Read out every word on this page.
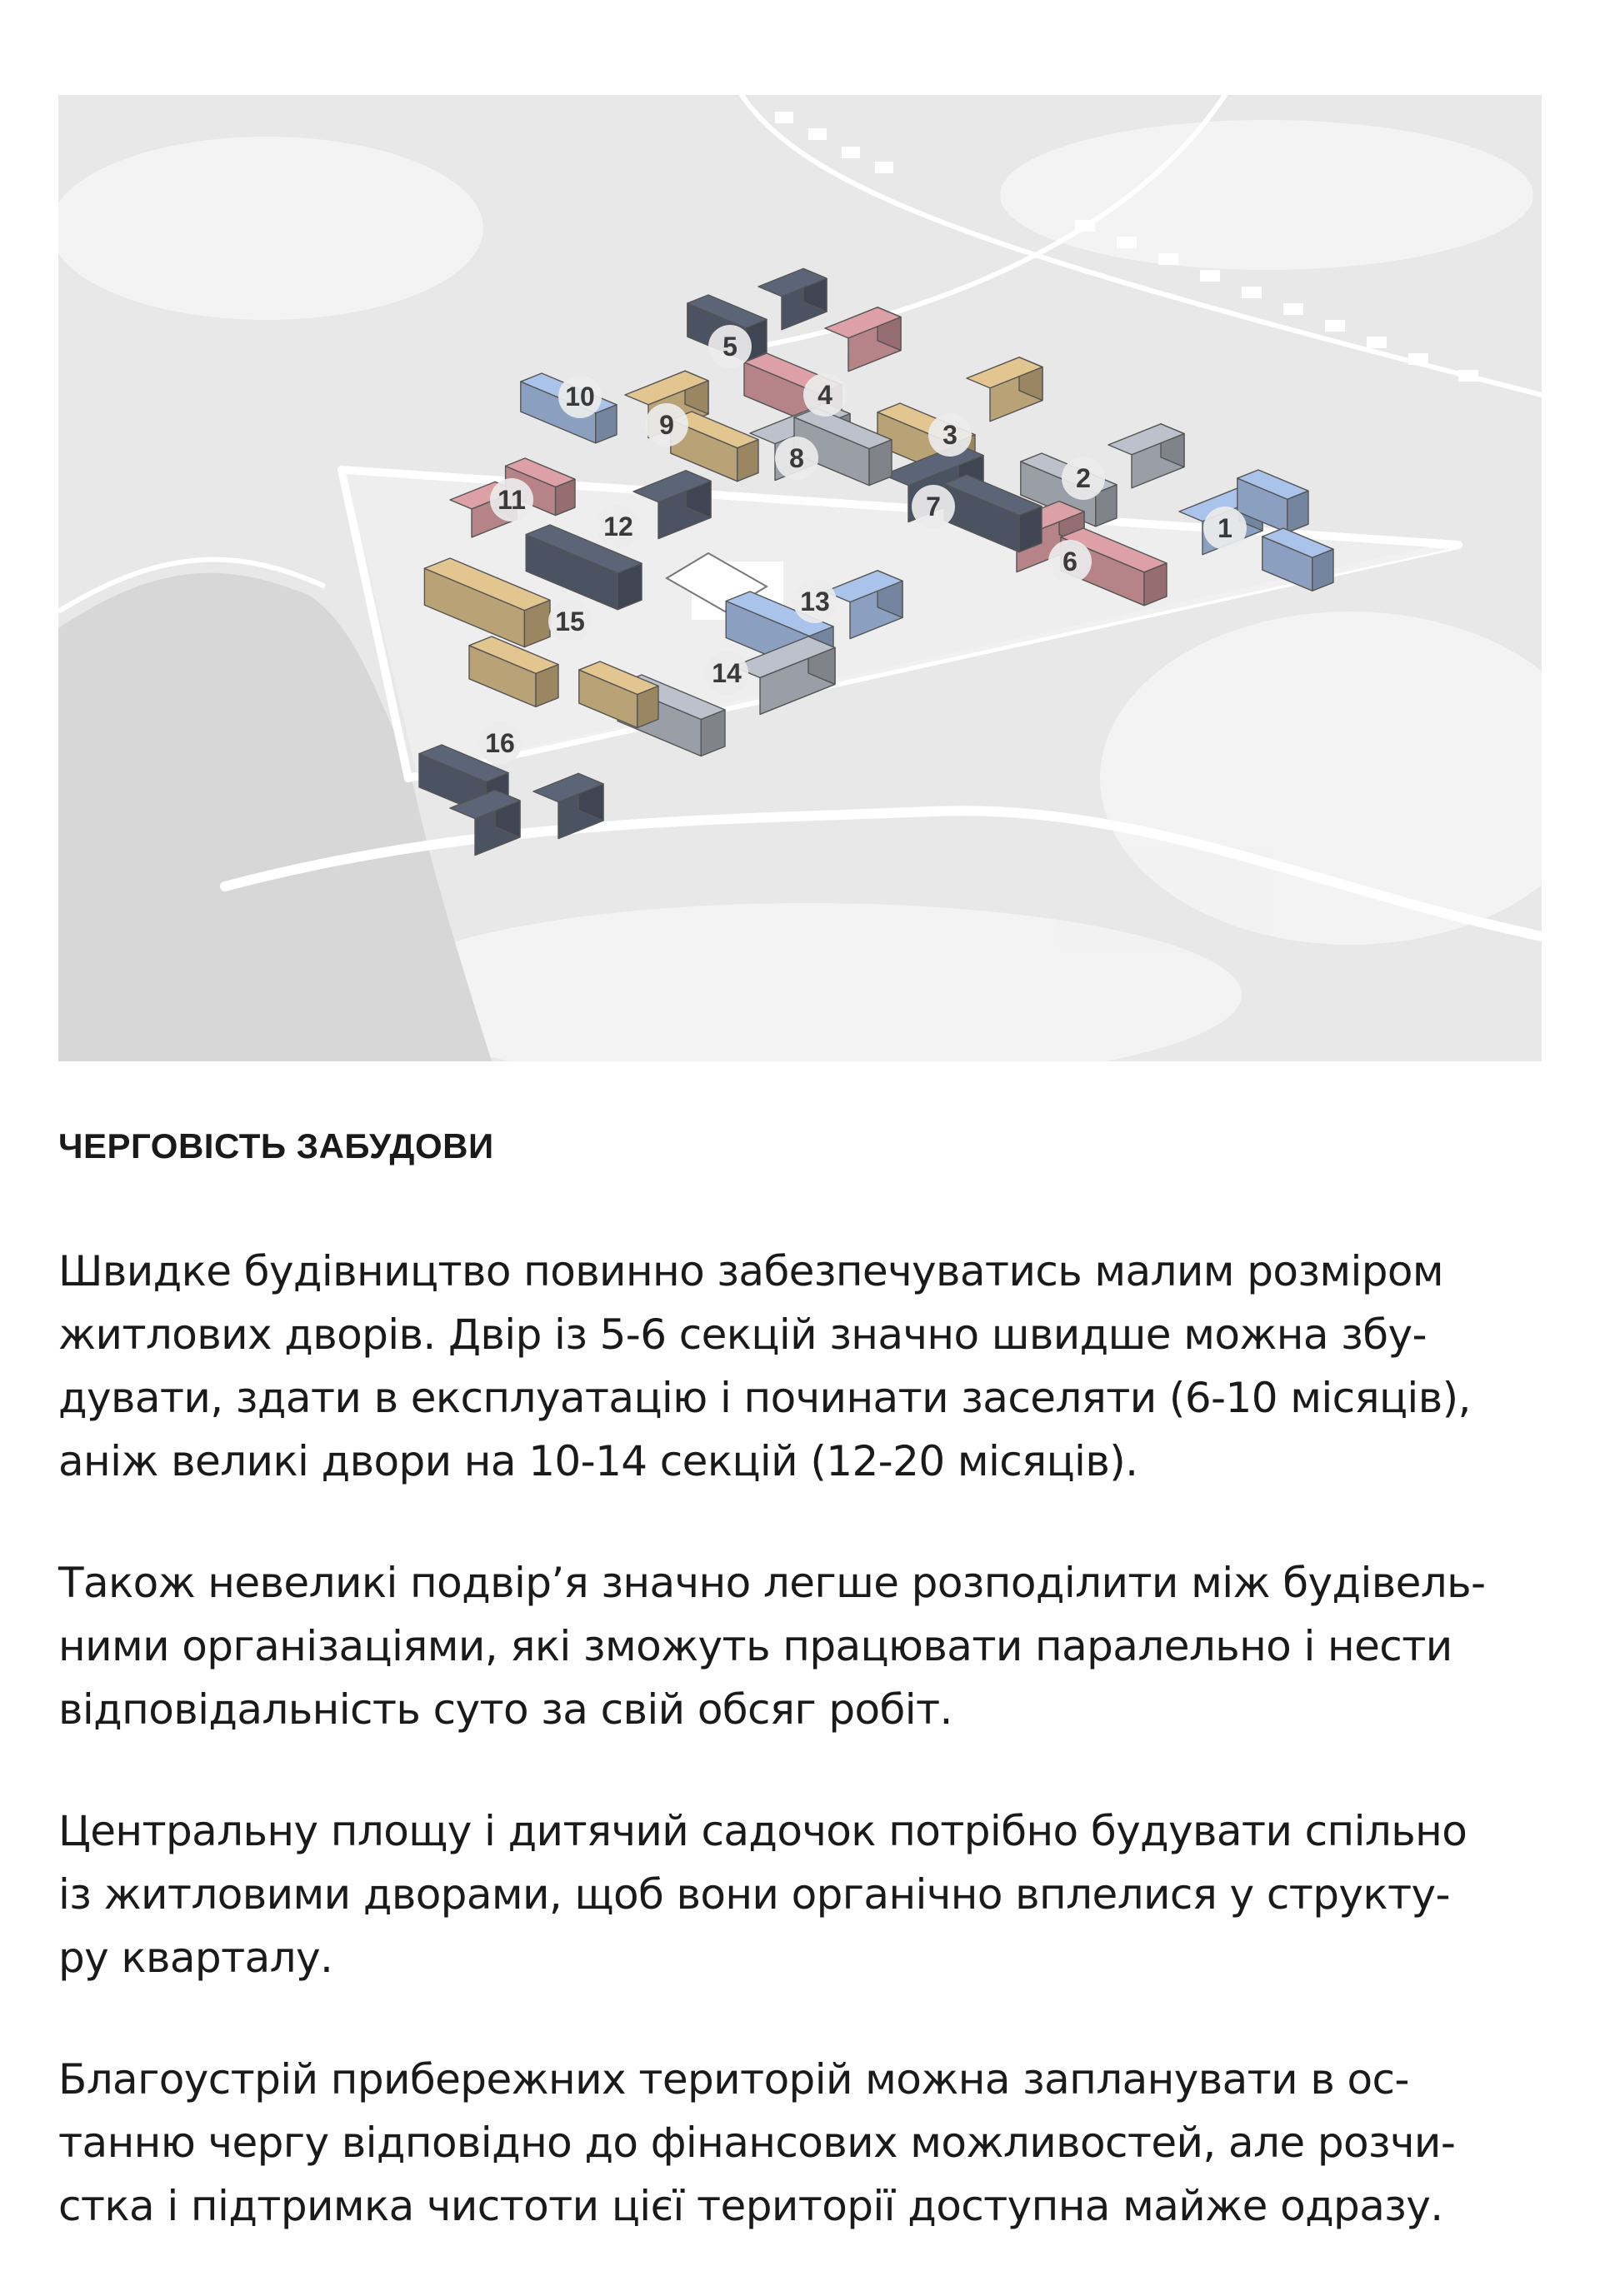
1
2
3
4
5
6
7
8
9
10
11
12
13
14
15
16
ЧЕРГОВІСТЬ ЗАБУДОВИ

Швидке будівництво повинно забезпечуватись малим розміром
житлових дворів. Двір із 5-6 секцій значно швидше можна збу-
дувати, здати в експлуатацію і починати заселяти (6-10 місяців),
аніж великі двори на 10-14 секцій (12-20 місяців).

Також невеликі подвір’я значно легше розподілити між будівель-
ними організаціями, які зможуть працювати паралельно і нести
відповідальність суто за свій обсяг робіт.

Центральну площу і дитячий садочок потрібно будувати спільно
із житловими дворами, щоб вони органічно вплелися у структу-
ру кварталу.

Благоустрій прибережних територій можна запланувати в ос-
танню чергу відповідно до фінансових можливостей, але розчи-
стка і підтримка чистоти цієї території доступна майже одразу.
